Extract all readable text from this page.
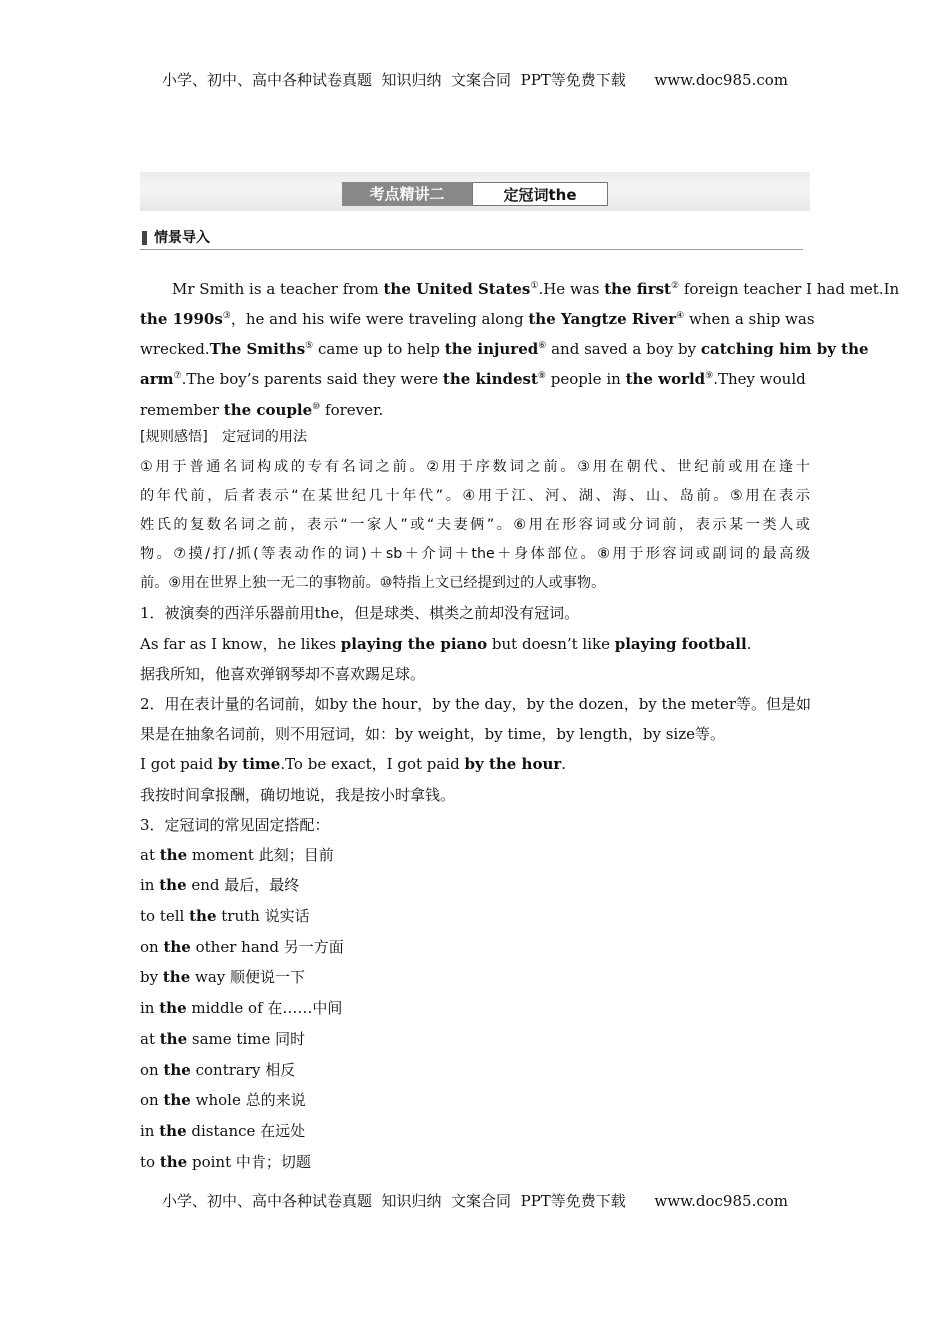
小学、初中、高中各种试卷真题  知识归纳  文案合同  PPT等免费下载      www.doc985.com
考点精讲二	定冠词the
情景导入
Mr Smith is a teacher from the United States①.He was the first② foreign teacher I had met.In
the 1990s③，he and his wife were traveling along the Yangtze River④ when a ship was
wrecked.The Smiths⑤ came up to help the injured⑥ and saved a boy by catching him by the
arm⑦.The boy’s parents said they were the kindest⑧ people in the world⑨.They would
remember the couple⑩ forever.
[规则感悟]　定冠词的用法
①用于普通名词构成的专有名词之前。②用于序数词之前。③用在朝代、世纪前或用在逢十
的年代前，后者表示“在某世纪几十年代”。④用于江、河、湖、海、山、岛前。⑤用在表示
姓氏的复数名词之前，表示“一家人”或“夫妻俩”。⑥用在形容词或分词前，表示某一类人或
物。⑦摸/打/抓(等表动作的词)＋sb＋介词＋the＋身体部位。⑧用于形容词或副词的最高级
前。⑨用在世界上独一无二的事物前。⑩特指上文已经提到过的人或事物。
1．被演奏的西洋乐器前用the，但是球类、棋类之前却没有冠词。
As far as I know，he likes playing the piano but doesn’t like playing football.
据我所知，他喜欢弹钢琴却不喜欢踢足球。
2．用在表计量的名词前，如by the hour，by the day，by the dozen，by the meter等。但是如
果是在抽象名词前，则不用冠词，如：by weight，by time，by length，by size等。
I got paid by time.To be exact，I got paid by the hour.
我按时间拿报酬，确切地说，我是按小时拿钱。
3．定冠词的常见固定搭配：
at the moment 此刻；目前
in the end 最后，最终
to tell the truth 说实话
on the other hand 另一方面
by the way 顺便说一下
in the middle of 在……中间
at the same time 同时
on the contrary 相反
on the whole 总的来说
in the distance 在远处
to the point 中肯；切题
小学、初中、高中各种试卷真题  知识归纳  文案合同  PPT等免费下载      www.doc985.com
